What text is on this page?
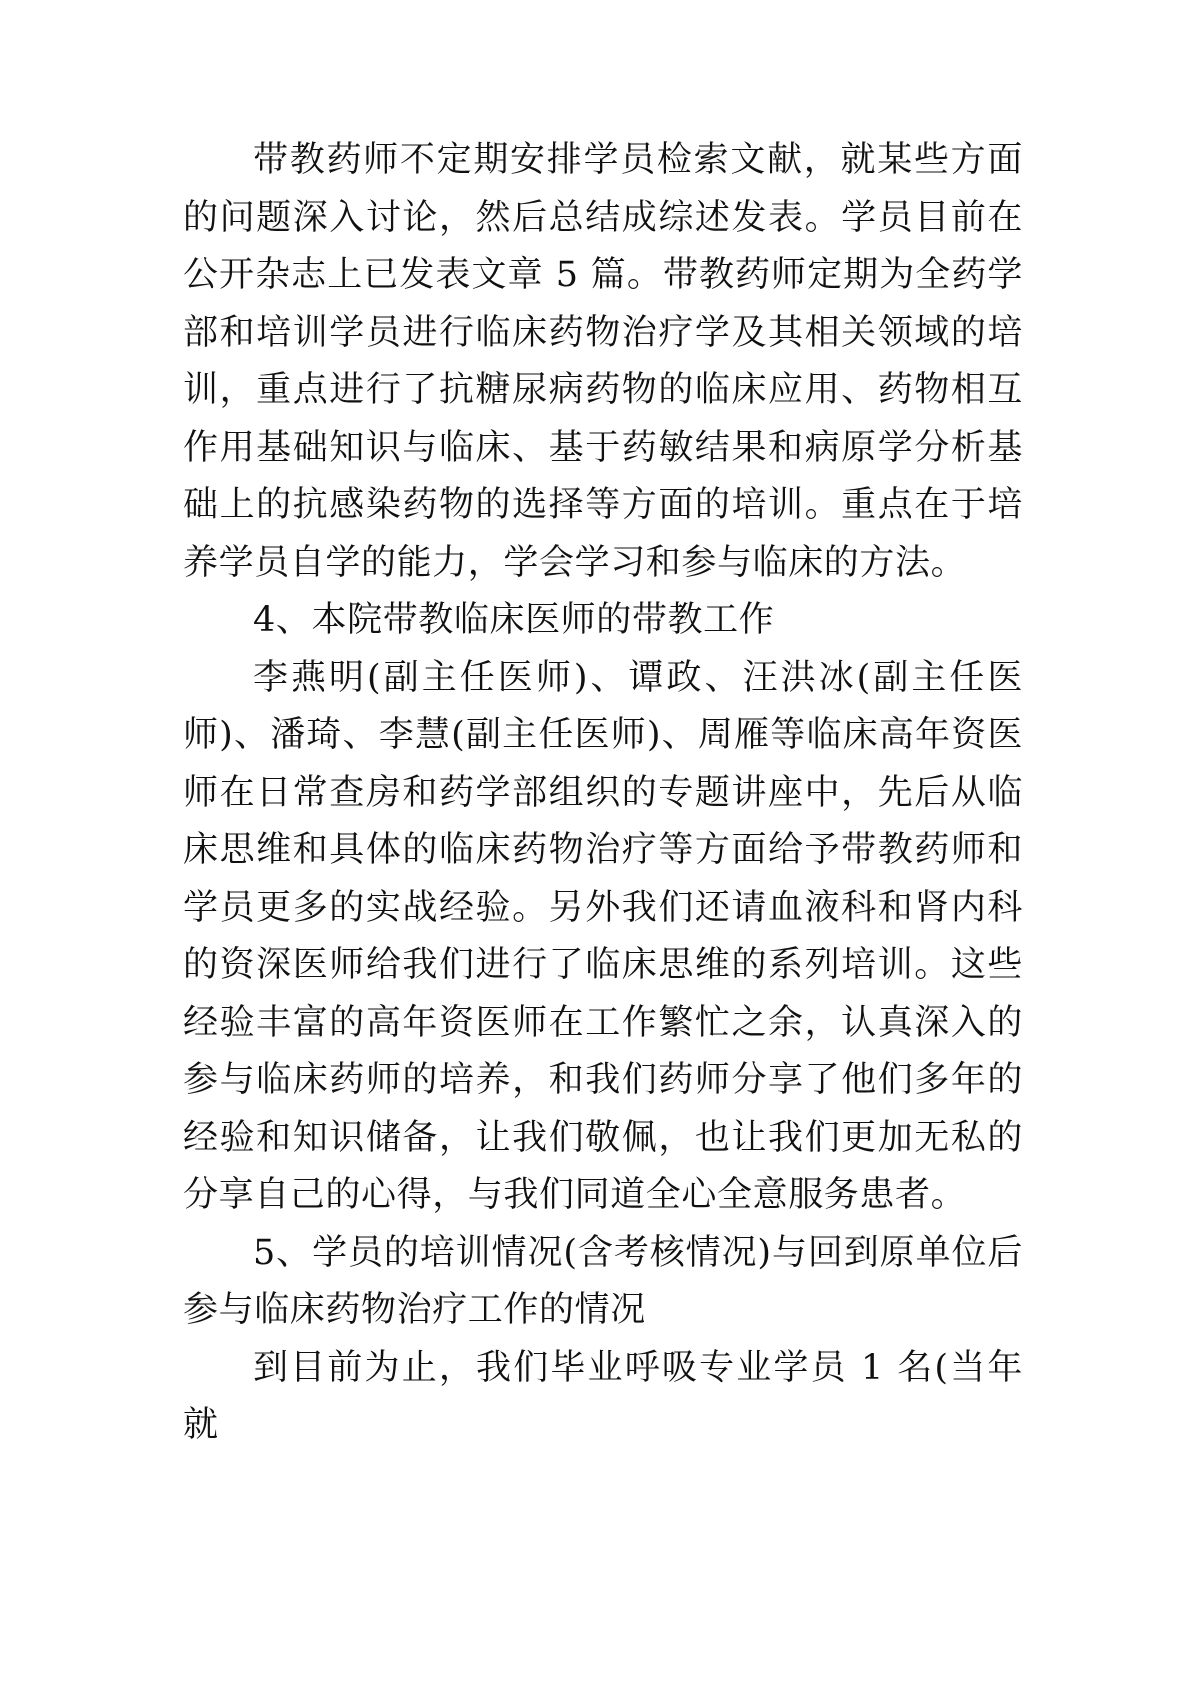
带教药师不定期安排学员检索文献，就某些方面的问题深入讨论，然后总结成综述发表。学员目前在公开杂志上已发表文章 5 篇。带教药师定期为全药学部和培训学员进行临床药物治疗学及其相关领域的培训，重点进行了抗糖尿病药物的临床应用、药物相互作用基础知识与临床、基于药敏结果和病原学分析基础上的抗感染药物的选择等方面的培训。重点在于培养学员自学的能力，学会学习和参与临床的方法。

4、本院带教临床医师的带教工作

李燕明(副主任医师)、谭政、汪洪冰(副主任医师)、潘琦、李慧(副主任医师)、周雁等临床高年资医师在日常查房和药学部组织的专题讲座中，先后从临床思维和具体的临床药物治疗等方面给予带教药师和学员更多的实战经验。另外我们还请血液科和肾内科的资深医师给我们进行了临床思维的系列培训。这些经验丰富的高年资医师在工作繁忙之余，认真深入的参与临床药师的培养，和我们药师分享了他们多年的经验和知识储备，让我们敬佩，也让我们更加无私的分享自己的心得，与我们同道全心全意服务患者。

5、学员的培训情况(含考核情况)与回到原单位后参与临床药物治疗工作的情况

到目前为止，我们毕业呼吸专业学员 1 名(当年就
